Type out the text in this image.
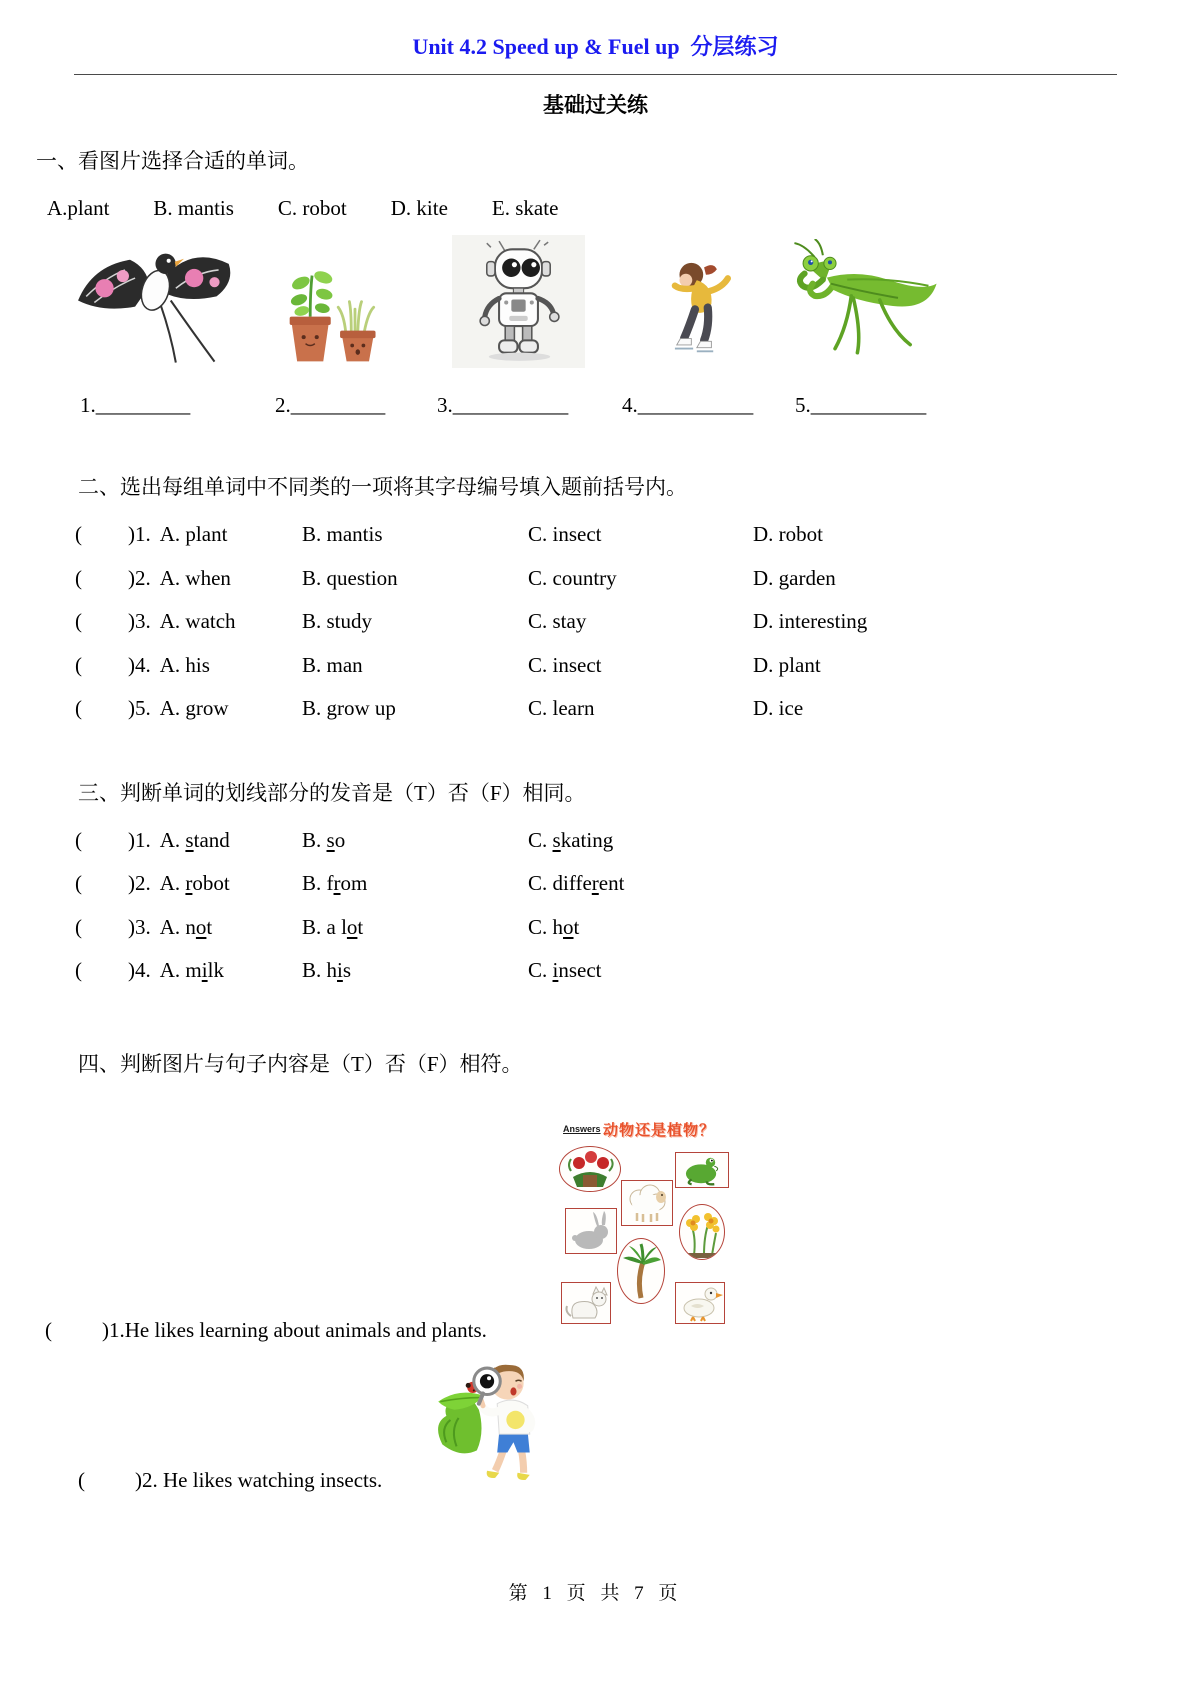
Unit 4.2 Speed up & Fuel up  分层练习
基础过关练
一、看图片选择合适的单词。
A.plant B. mantis C. robot D. kite E. skate
1._________	2._________ 3.___________	4.___________ 5.___________
二、选出每组单词中不同类的一项将其字母编号填入题前括号内。
(	)1. A. plant	B. mantis	C. insect	D. robot
(	)2. A. when	B. question	C. country	D. garden
(	)3. A. watch	B. study	C. stay	D. interesting
(	)4. A. his	B. man	C. insect	D. plant
(	)5. A. grow	B. grow up	C. learn	D. ice
三、判断单词的划线部分的发音是（T）否（F）相同。
(	)1. A. stand	B. so	C. skating
(	)2. A. robot	B. from	C. different
(	)3. A. not	B. a lot	C. hot
(	)4. A. milk	B. his	C. insect
四、判断图片与句子内容是（T）否（F）相符。
Answers 动物还是植物？
( )1.He likes learning about animals and plants.
( )2. He likes watching insects.
第 1 页 共 7 页
